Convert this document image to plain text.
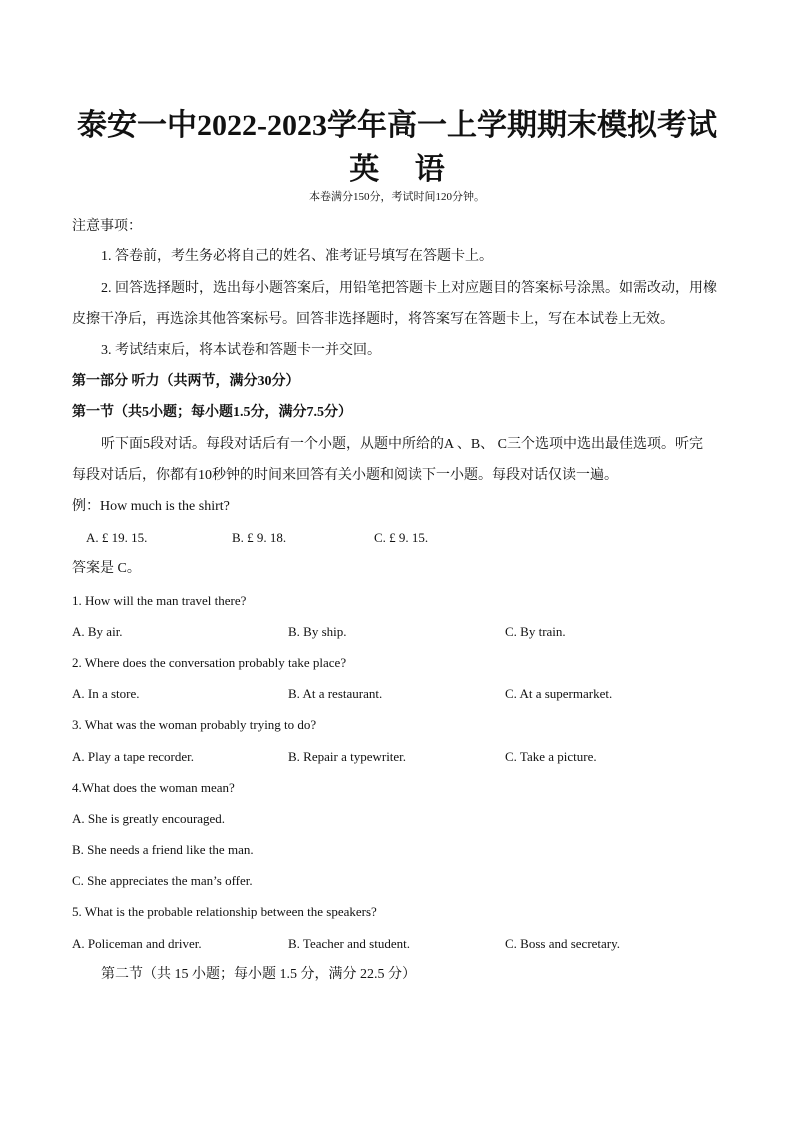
泰安一中2022-2023学年高一上学期期末模拟考试
英 语
本卷满分150分，考试时间120分钟。
注意事项：
1. 答卷前，考生务必将自己的姓名、准考证号填写在答题卡上。
2. 回答选择题时，选出每小题答案后，用铅笔把答题卡上对应题目的答案标号涂黑。如需改动，用橡
皮擦干净后，再选涂其他答案标号。回答非选择题时，将答案写在答题卡上，写在本试卷上无效。
3. 考试结束后，将本试卷和答题卡一并交回。
第一部分 听力（共两节，满分30分）
第一节（共5小题；每小题1.5分，满分7.5分）
听下面5段对话。每段对话后有一个小题，从题中所给的A 、B、 C三个选项中选出最佳选项。听完
每段对话后，你都有10秒钟的时间来回答有关小题和阅读下一小题。每段对话仅读一遍。
例：How much is the shirt?
A. £ 19. 15.	B. £ 9. 18.	C. £ 9. 15.
答案是 C。
1. How will the man travel there?
A. By air.	B. By ship.	C. By train.
2. Where does the conversation probably take place?
A. In a store.	B. At a restaurant.	C. At a supermarket.
3. What was the woman probably trying to do?
A. Play a tape recorder.	B. Repair a typewriter.	C. Take a picture.
4.What does the woman mean?
A. She is greatly encouraged.
B. She needs a friend like the man.
C. She appreciates the man’s offer.
5. What is the probable relationship between the speakers?
A. Policeman and driver.	B. Teacher and student.	C. Boss and secretary.
第二节（共 15 小题；每小题 1.5 分，满分 22.5 分）
